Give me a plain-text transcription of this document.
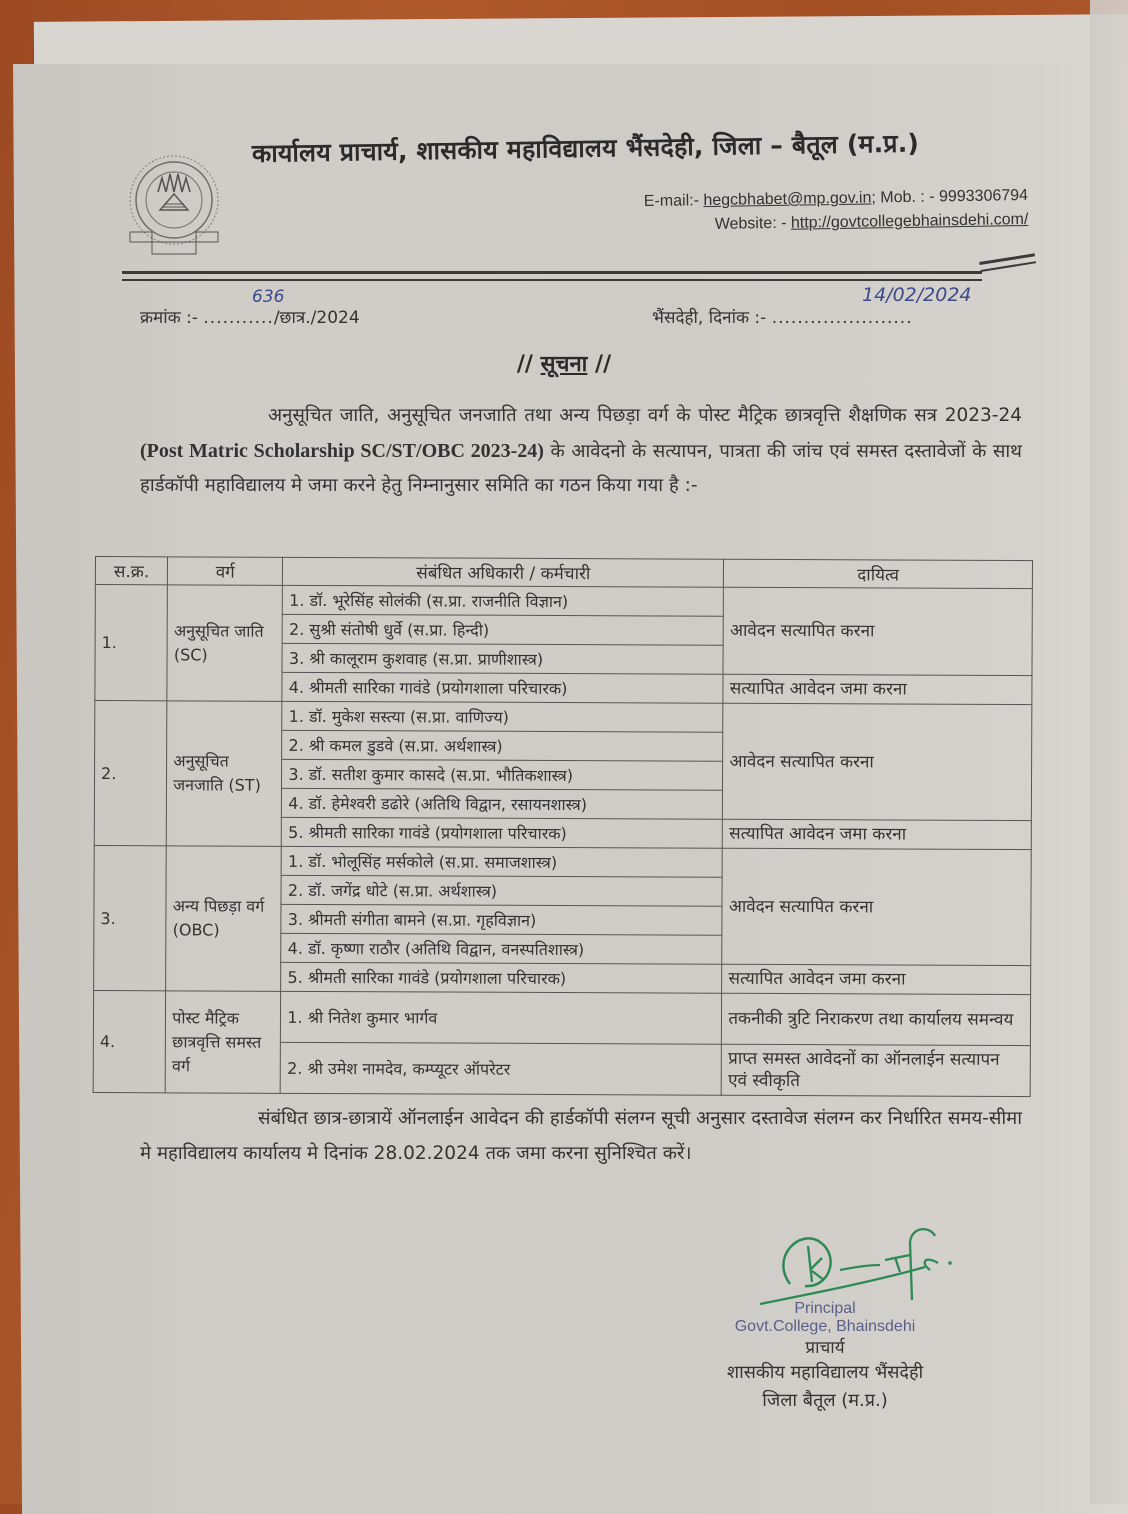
कार्यालय प्राचार्य, शासकीय महाविद्यालय भैंसदेही, जिला – बैतूल (म.प्र.)
E-mail:- hegcbhabet@mp.gov.in; Mob. : - 9993306794
Website: - http://govtcollegebhainsdehi.com/
क्रमांक :- .........../छात्र./2024
636
भैंसदेही, दिनांक :- ......................
14/02/2024
// सूचना //
अनुसूचित जाति, अनुसूचित जनजाति तथा अन्य पिछड़ा वर्ग के पोस्ट मैट्रिक छात्रवृत्ति शैक्षणिक सत्र 2023-24 (Post Matric Scholarship SC/ST/OBC 2023-24) के आवेदनो के सत्यापन, पात्रता की जांच एवं समस्त दस्तावेजों के साथ हार्डकॉपी महाविद्यालय मे जमा करने हेतु निम्नानुसार समिति का गठन किया गया है :-
स.क्र.	वर्ग	संबंधित अधिकारी / कर्मचारी	दायित्व
1.	अनुसूचित जाति (SC)	1. डॉ. भूरेसिंह सोलंकी (स.प्रा. राजनीति विज्ञान)	आवेदन सत्यापित करना
		2. सुश्री संतोषी धुर्वे (स.प्रा. हिन्दी)	
		3. श्री कालूराम कुशवाह (स.प्रा. प्राणीशास्त्र)	
		4. श्रीमती सारिका गावंडे (प्रयोगशाला परिचारक)	सत्यापित आवेदन जमा करना
2.	अनुसूचित जनजाति (ST)	1. डॉ. मुकेश सस्त्या (स.प्रा. वाणिज्य)	आवेदन सत्यापित करना
		2. श्री कमल डुडवे (स.प्रा. अर्थशास्त्र)	
		3. डॉ. सतीश कुमार कासदे (स.प्रा. भौतिकशास्त्र)	
		4. डॉ. हेमेश्वरी डढोरे (अतिथि विद्वान, रसायनशास्त्र)	
		5. श्रीमती सारिका गावंडे (प्रयोगशाला परिचारक)	सत्यापित आवेदन जमा करना
3.	अन्य पिछड़ा वर्ग (OBC)	1. डॉ. भोलूसिंह मर्सकोले (स.प्रा. समाजशास्त्र)	आवेदन सत्यापित करना
		2. डॉ. जगेंद्र धोटे (स.प्रा. अर्थशास्त्र)	
		3. श्रीमती संगीता बामने (स.प्रा. गृहविज्ञान)	
		4. डॉ. कृष्णा राठौर (अतिथि विद्वान, वनस्पतिशास्त्र)	
		5. श्रीमती सारिका गावंडे (प्रयोगशाला परिचारक)	सत्यापित आवेदन जमा करना
4.	पोस्ट मैट्रिक छात्रवृत्ति समस्त वर्ग	1. श्री नितेश कुमार भार्गव	तकनीकी त्रुटि निराकरण तथा कार्यालय समन्वय
		2. श्री उमेश नामदेव, कम्प्यूटर ऑपरेटर	प्राप्त समस्त आवेदनों का ऑनलाईन सत्यापन एवं स्वीकृति
संबंधित छात्र-छात्रायें ऑनलाईन आवेदन की हार्डकॉपी संलग्न सूची अनुसार दस्तावेज संलग्न कर निर्धारित समय-सीमा मे महाविद्यालय कार्यालय मे दिनांक 28.02.2024 तक जमा करना सुनिश्चित करें।
Principal
Govt.College, Bhainsdehi
प्राचार्य
शासकीय महाविद्यालय भैंसदेही
जिला बैतूल (म.प्र.)
